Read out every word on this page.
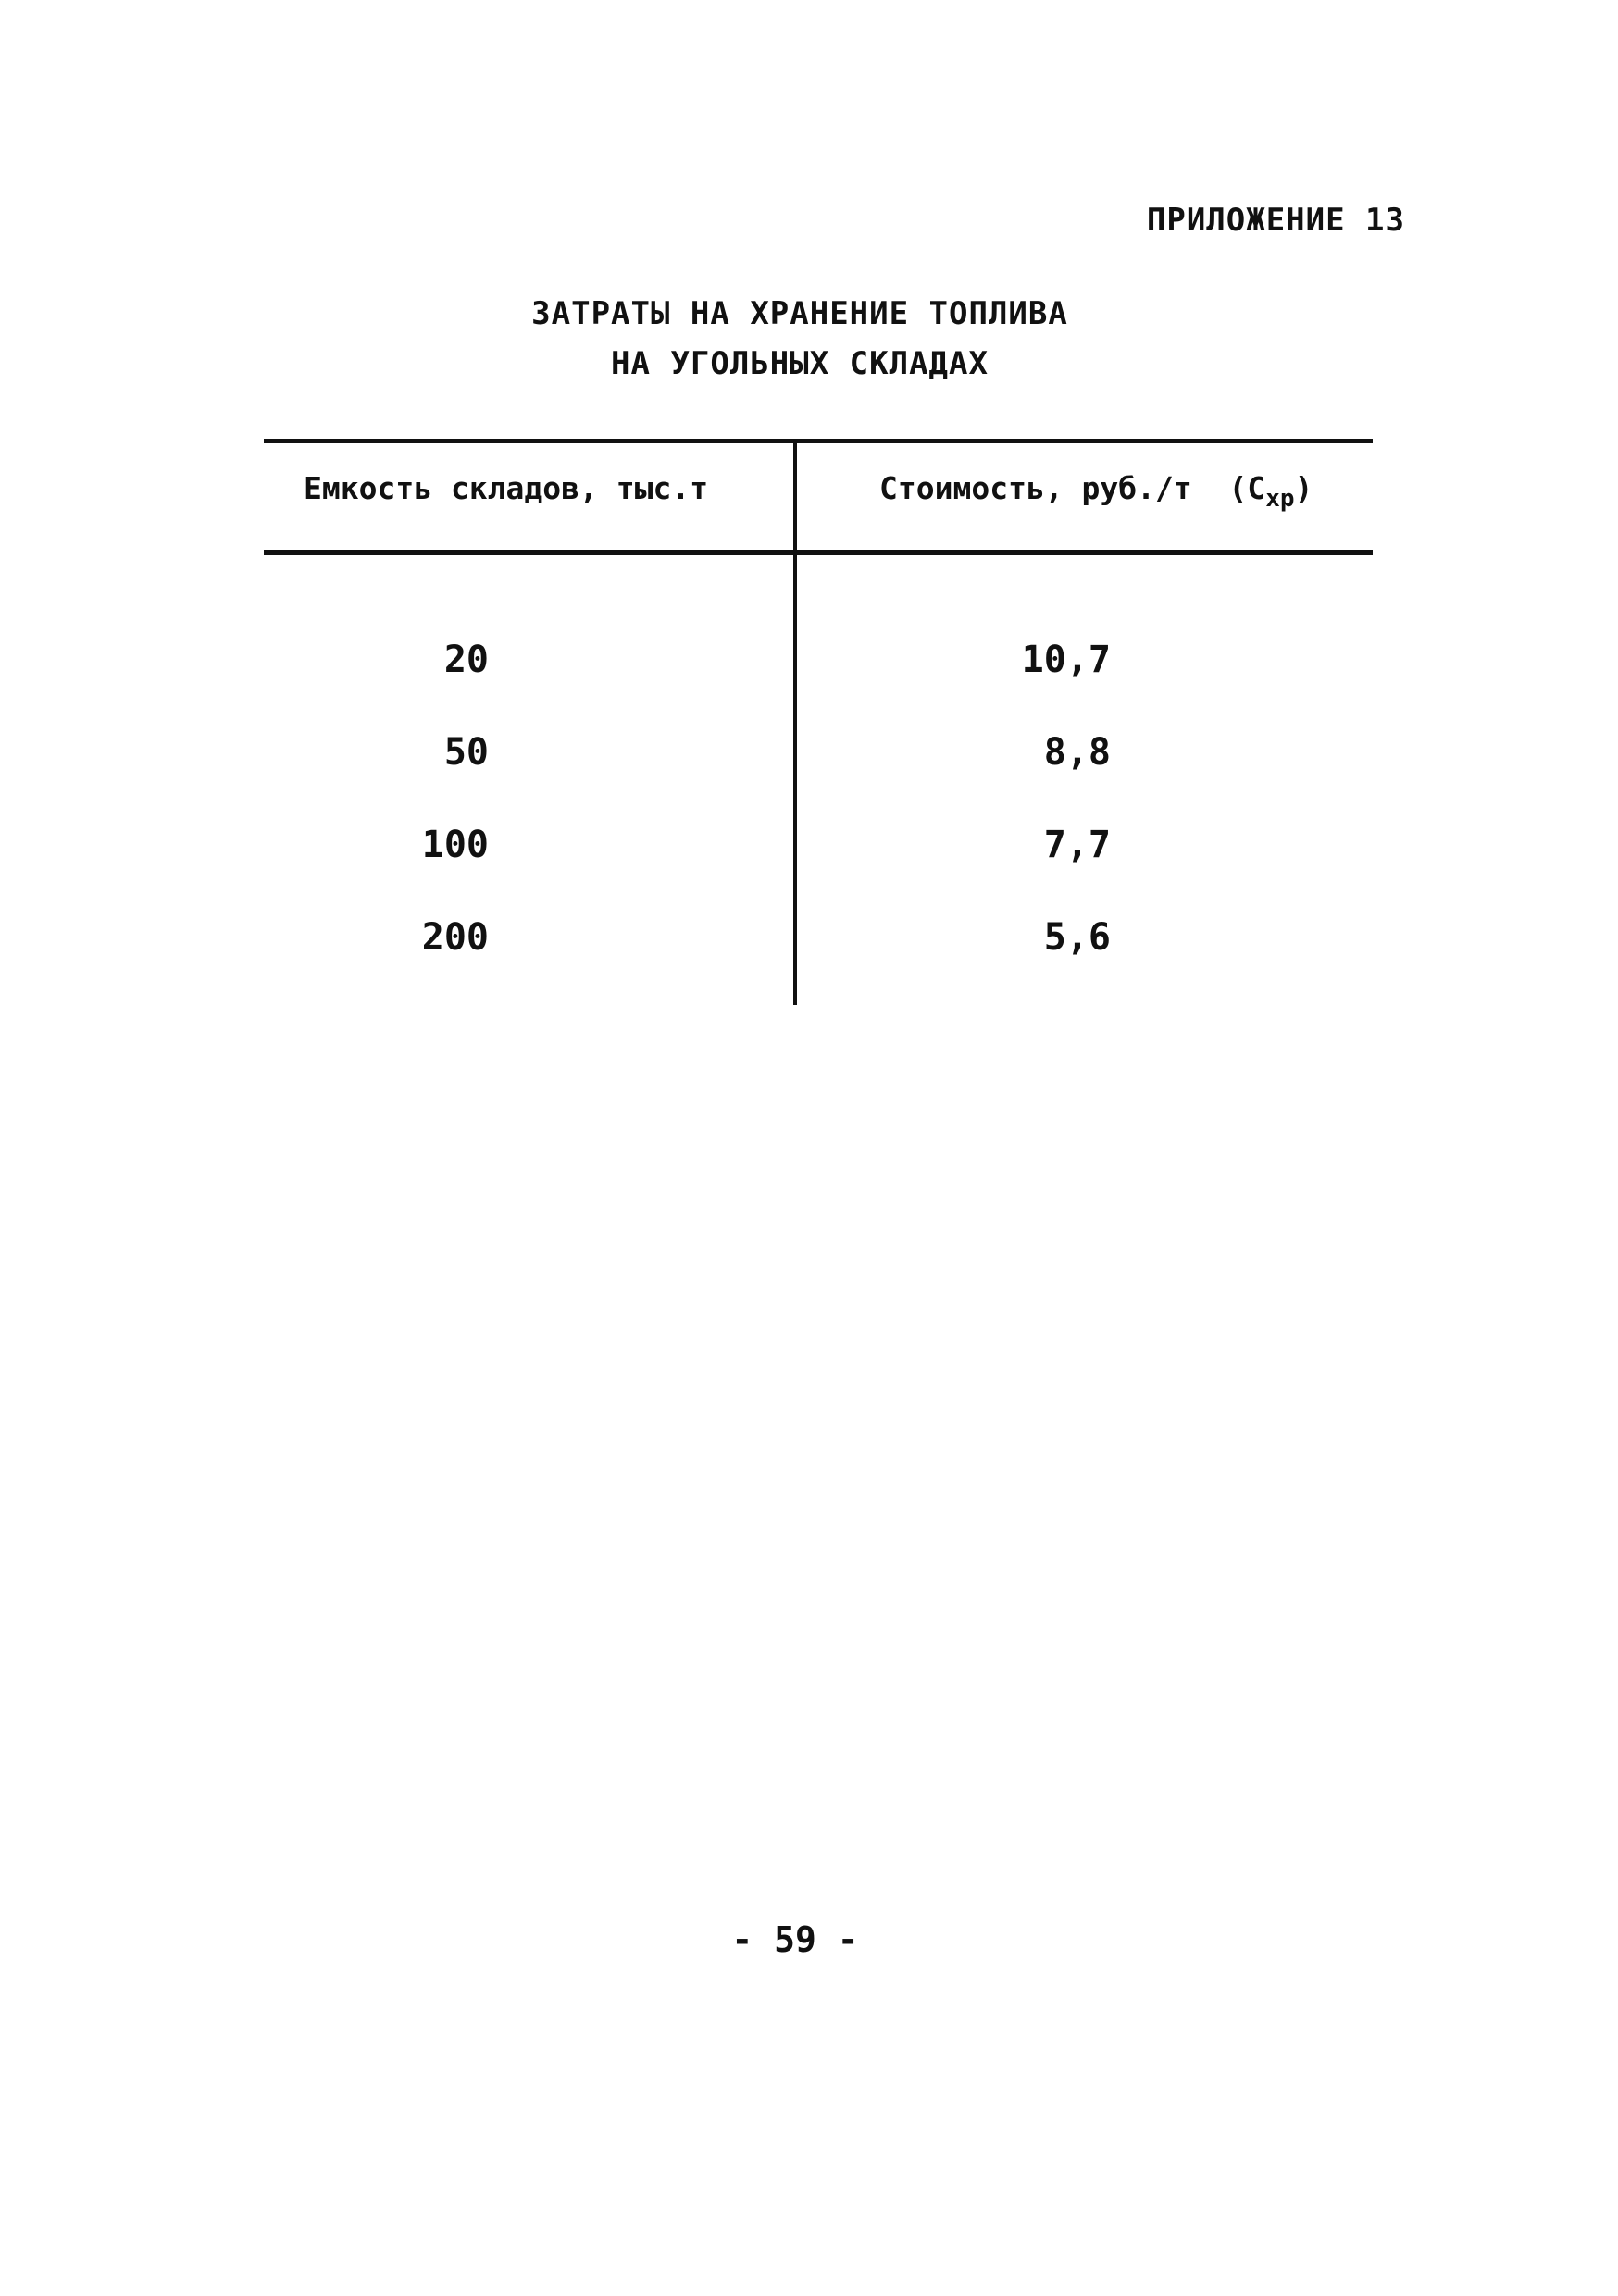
ПРИЛОЖЕНИЕ 13
ЗАТРАТЫ НА ХРАНЕНИЕ ТОПЛИВА
НА УГОЛЬНЫХ СКЛАДАХ
Емкость складов, тыс.т	Стоимость, руб./т $(C_{хр})$
20	10,7
50	8,8
100	7,7
200	5,6
- 59 -
